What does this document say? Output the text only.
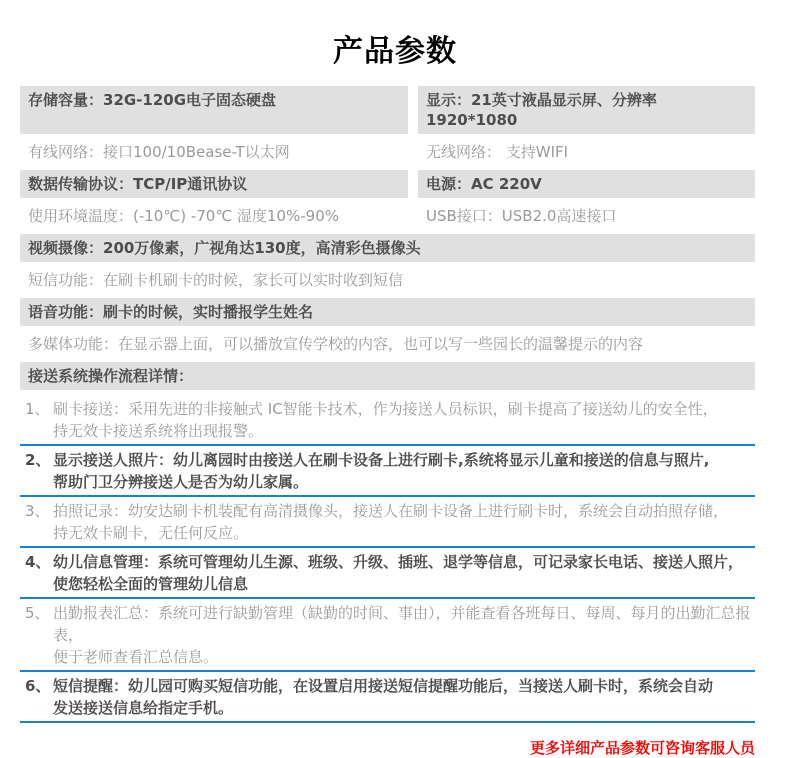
产品参数
存储容量：32G-120G电子固态硬盘	显示：21英寸液晶显示屏、分辨率1920*1080
有线网络：接口100/10Bease-T以太网	无线网络： 支持WIFI
数据传输协议：TCP/IP通讯协议	电源：AC 220V
使用环境温度：(-10℃) -70℃ 湿度10%-90%	USB接口：USB2.0高速接口
视频摄像：200万像素，广视角达130度，高清彩色摄像头
短信功能：在刷卡机刷卡的时候，家长可以实时收到短信
语音功能：刷卡的时候，实时播报学生姓名
多媒体功能：在显示器上面，可以播放宣传学校的内容，也可以写一些园长的温馨提示的内容
接送系统操作流程详情：
1、 刷卡接送：采用先进的非接触式 IC智能卡技术，作为接送人员标识，刷卡提高了接送幼儿的安全性，
持无效卡接送系统将出现报警。
2、 显示接送人照片：幼儿离园时由接送人在刷卡设备上进行刷卡,系统将显示儿童和接送的信息与照片,
帮助门卫分辨接送人是否为幼儿家属。
3、 拍照记录：幼安达刷卡机装配有高清摄像头，接送人在刷卡设备上进行刷卡时，系统会自动拍照存储，
持无效卡刷卡，无任何反应。
4、 幼儿信息管理：系统可管理幼儿生源、班级、升级、插班、退学等信息，可记录家长电话、接送人照片，
使您轻松全面的管理幼儿信息
5、 出勤报表汇总：系统可进行缺勤管理（缺勤的时间、事由），并能查看各班每日、每周、每月的出勤汇总报表，
便于老师查看汇总信息。
6、 短信提醒：幼儿园可购买短信功能，在设置启用接送短信提醒功能后，当接送人刷卡时，系统会自动
发送接送信息给指定手机。
更多详细产品参数可咨询客服人员
